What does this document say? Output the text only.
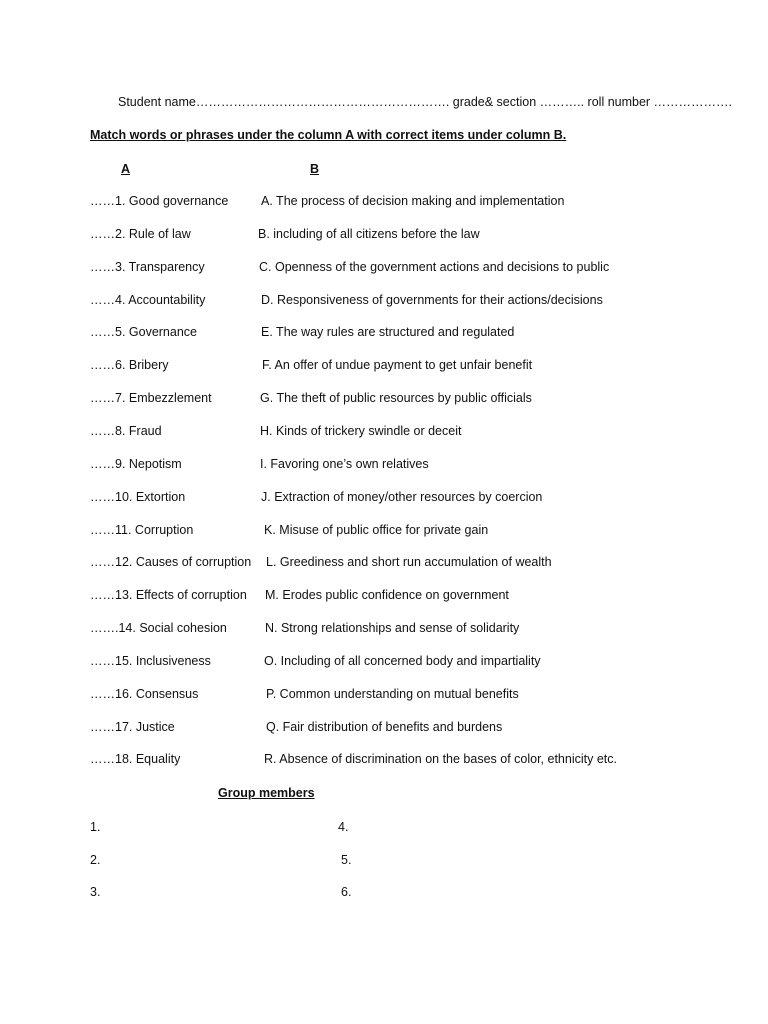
Student name……………………………………………………. grade& section ……….. roll number ……………….
Match words or phrases under the column A with correct items under column B.
A	B
……1. Good governance	A. The process of decision making and implementation
……2. Rule of law	B. including of all citizens before the law
……3. Transparency	C. Openness of the government actions and decisions to public
……4. Accountability	D. Responsiveness of governments for their actions/decisions
……5. Governance	E. The way rules are structured and regulated
……6. Bribery	F. An offer of undue payment to get unfair benefit
……7. Embezzlement	G. The theft of public resources by public officials
……8. Fraud	H. Kinds of trickery swindle or deceit
……9. Nepotism	I. Favoring one’s own relatives
……10. Extortion	J. Extraction of money/other resources by coercion
……11. Corruption	K. Misuse of public office for private gain
……12. Causes of corruption L. Greediness and short run accumulation of wealth
……13. Effects of corruption M. Erodes public confidence on government
…….14. Social cohesion	N. Strong relationships and sense of solidarity
……15. Inclusiveness	O. Including of all concerned body and impartiality
……16. Consensus	P. Common understanding on mutual benefits
……17. Justice	Q. Fair distribution of benefits and burdens
……18. Equality	R. Absence of discrimination on the bases of color, ethnicity etc.
Group members
1.
2.
3.
4.
5.
6.
